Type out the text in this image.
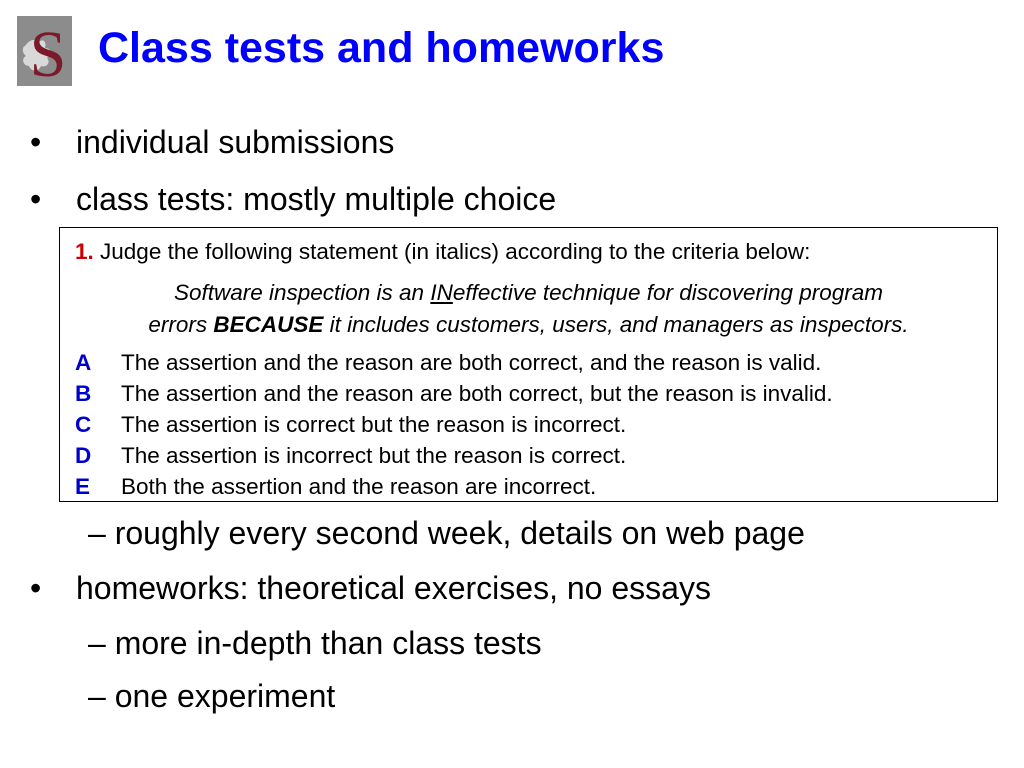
S Class tests and homeworks
• individual submissions
• class tests: mostly multiple choice
1. Judge the following statement (in italics) according to the criteria below:
Software inspection is an INeffective technique for discovering program
errors BECAUSE it includes customers, users, and managers as inspectors.
A The assertion and the reason are both correct, and the reason is valid.
B The assertion and the reason are both correct, but the reason is invalid.
C The assertion is correct but the reason is incorrect.
D The assertion is incorrect but the reason is correct.
E Both the assertion and the reason are incorrect.
– roughly every second week, details on web page
• homeworks: theoretical exercises, no essays
– more in-depth than class tests
– one experiment
